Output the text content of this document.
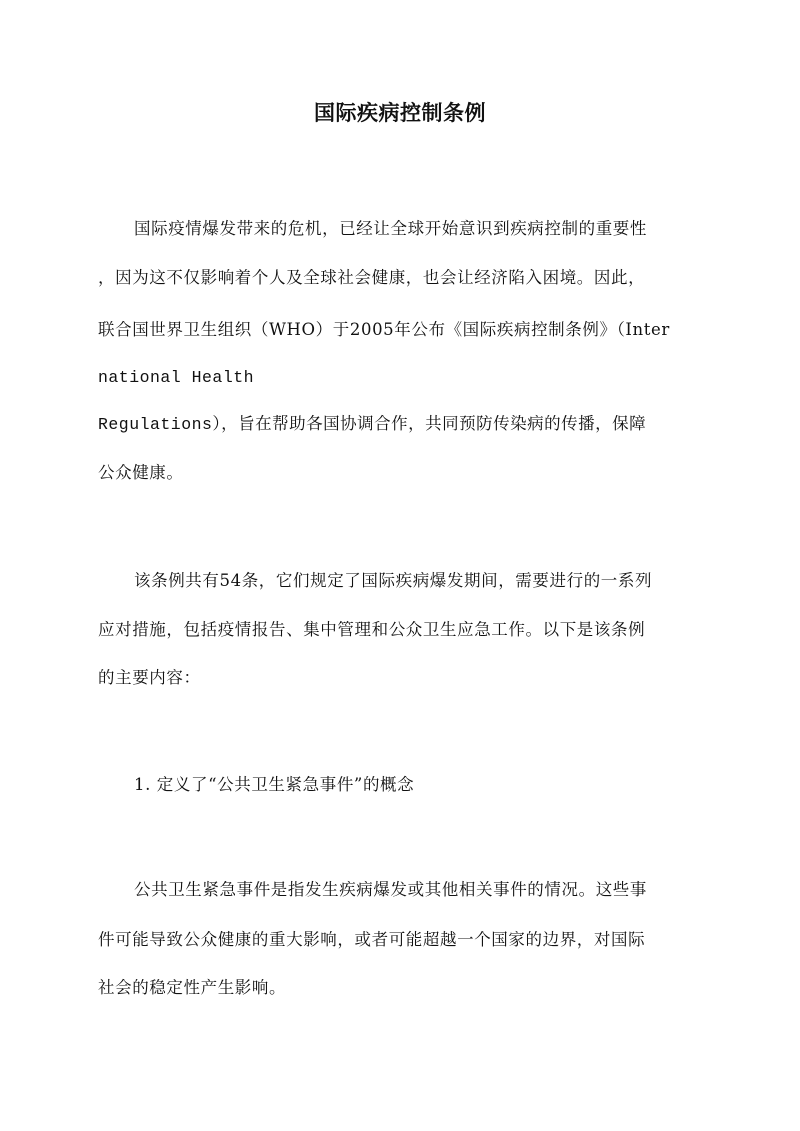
国际疾病控制条例
国际疫情爆发带来的危机，已经让全球开始意识到疾病控制的重要性
，因为这不仅影响着个人及全球社会健康，也会让经济陷入困境。因此，
联合国世界卫生组织（WHO）于2005年公布《国际疾病控制条例》（Inter
national Health
Regulations），旨在帮助各国协调合作，共同预防传染病的传播，保障
公众健康。
该条例共有54条，它们规定了国际疾病爆发期间，需要进行的一系列
应对措施，包括疫情报告、集中管理和公众卫生应急工作。以下是该条例
的主要内容：
1. 定义了“公共卫生紧急事件”的概念
公共卫生紧急事件是指发生疾病爆发或其他相关事件的情况。这些事
件可能导致公众健康的重大影响，或者可能超越一个国家的边界，对国际
社会的稳定性产生影响。
